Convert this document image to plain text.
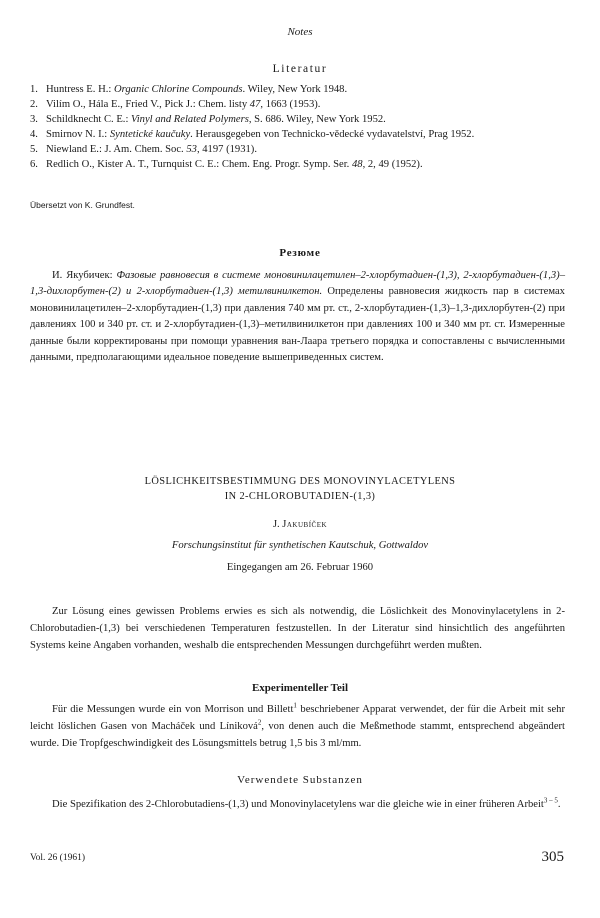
Notes
Literatur
1. Huntress E. H.: Organic Chlorine Compounds. Wiley, New York 1948.
2. Vilím O., Hála E., Fried V., Pick J.: Chem. listy 47, 1663 (1953).
3. Schildknecht C. E.: Vinyl and Related Polymers, S. 686. Wiley, New York 1952.
4. Smirnov N. I.: Syntetické kaučuky. Herausgegeben von Technicko-vědecké vydavatelství, Prag 1952.
5. Niewland E.: J. Am. Chem. Soc. 53, 4197 (1931).
6. Redlich O., Kister A. T., Turnquist C. E.: Chem. Eng. Progr. Symp. Ser. 48, 2, 49 (1952).
Übersetzt von K. Grundfest.
Резюме

И. Якубичек: Фазовые равновесия в системе моновинилацетилен–2-хлорбутадиен-(1,3), 2-хлорбутадиен-(1,3)–1,3-дихлорбутен-(2) и 2-хлорбутадиен-(1,3) метилвинилкетон. Определены равновесия жидкость пар в системах моновинилацетилен–2-хлорбутадиен-(1,3) при давления 740 мм рт. ст., 2-хлорбутадиен-(1,3)–1,3-дихлорбутен-(2) при давлениях 100 и 340 рт. ст. и 2-хлорбутадиен-(1,3)–метилвинилкетон при давлениях 100 и 340 мм рт. ст. Измеренные данные были корректированы при помощи уравнения ван-Лаара третьего порядка и сопоставлены с вычисленными данными, предполагающими идеальное поведение вышеприведенных систем.

LÖSLICHKEITSBESTIMMUNG DES MONOVINYLACETYLENS
IN 2-CHLOROBUTADIEN-(1,3)
J. Jakubíček
Forschungsinstitut für synthetischen Kautschuk, Gottwaldov
Eingegangen am 26. Februar 1960

Zur Lösung eines gewissen Problems erwies es sich als notwendig, die Löslichkeit des Monovinylacetylens in 2-Chlorobutadien-(1,3) bei verschiedenen Temperaturen festzustellen. In der Literatur sind hinsichtlich des angeführten Systems keine Angaben vorhanden, weshalb die entsprechenden Messungen durchgeführt werden mußten.

Experimenteller Teil

Für die Messungen wurde ein von Morrison und Billett$^1$ beschriebener Apparat verwendet, der für die Arbeit mit sehr leicht löslichen Gasen von Macháček und Líniková$^2$, von denen auch die Meßmethode stammt, entsprechend abgeändert wurde. Die Tropfgeschwindigkeit des Lösungsmittels betrug 1,5 bis 3 ml/mm.

Verwendete Substanzen

Die Spezifikation des 2-Chlorobutadiens-(1,3) und Monovinylacetylens war die gleiche wie in einer früheren Arbeit$^{3 - 5}$.

Vol. 26 (1961)	305
